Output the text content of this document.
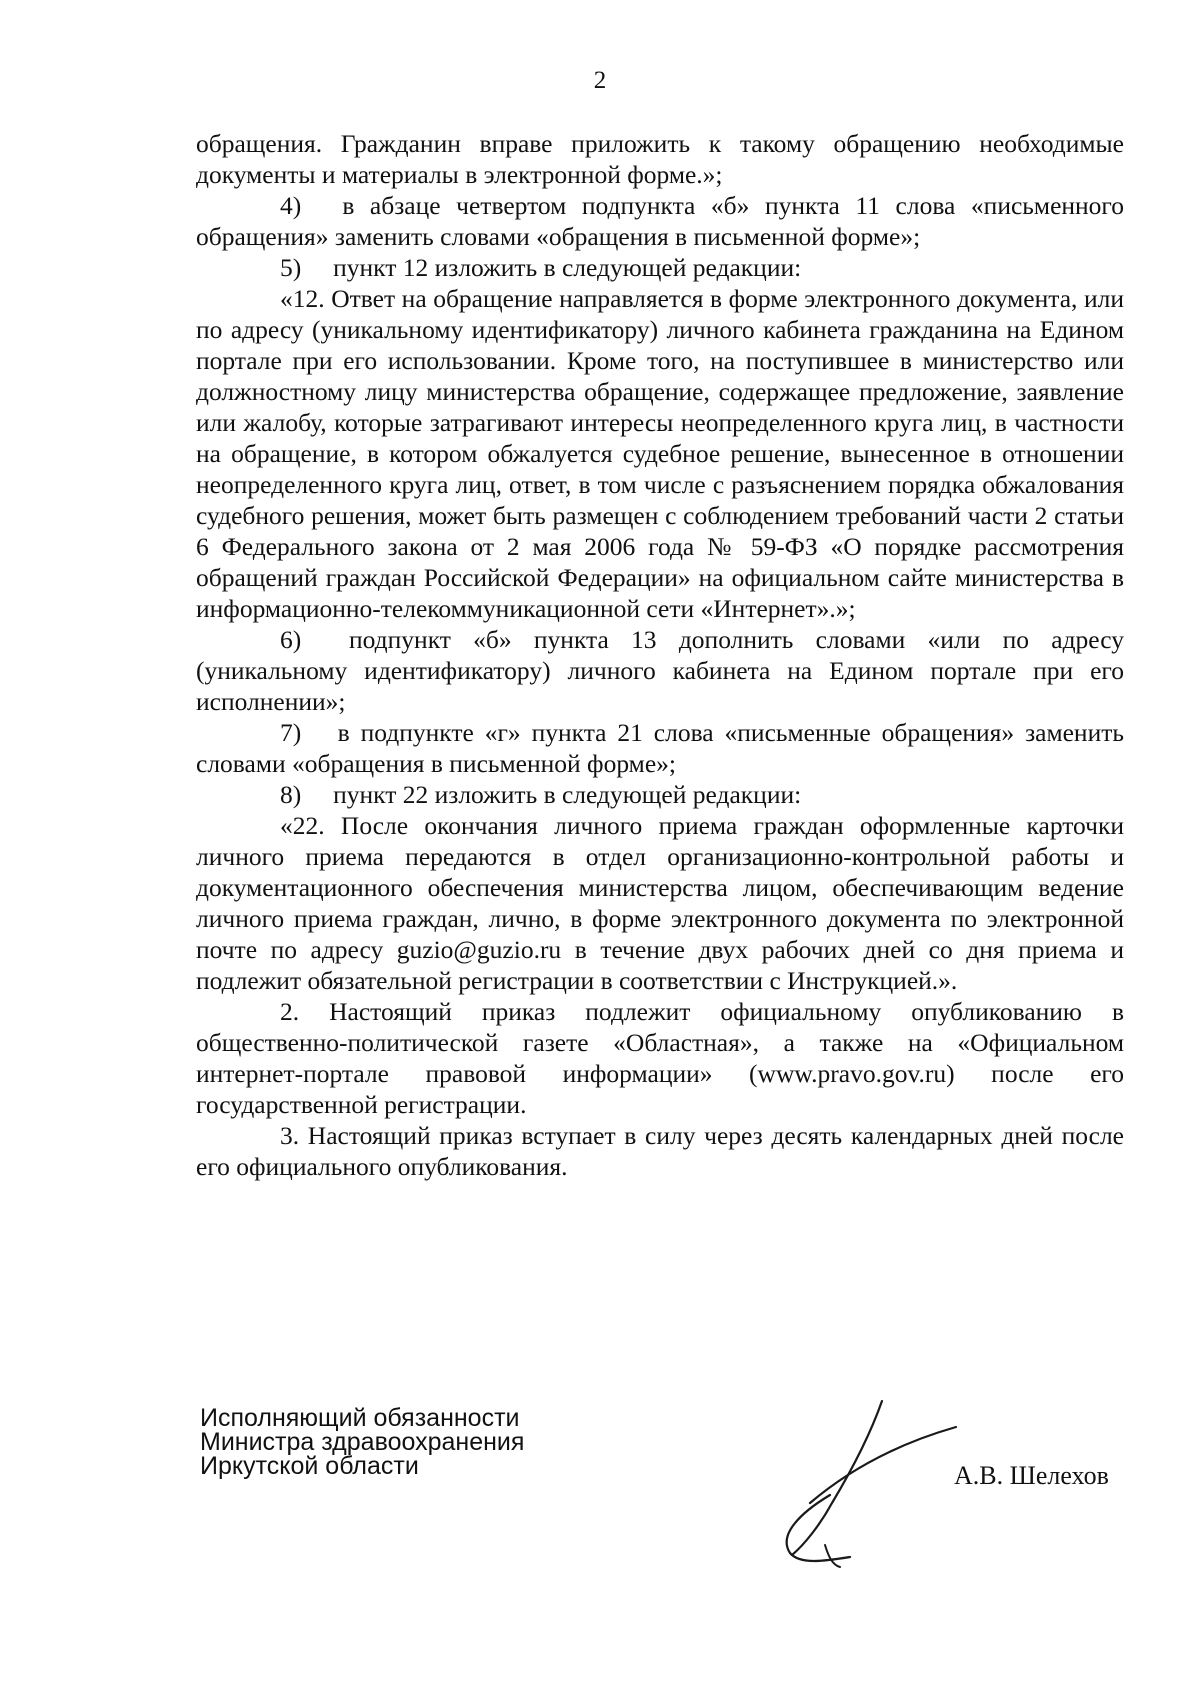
2

обращения. Гражданин вправе приложить к такому обращению необходимые документы и материалы в электронной форме.»;

4)  в абзаце четвертом подпункта «б» пункта 11 слова «письменного обращения» заменить словами «обращения в письменной форме»;

5)  пункт 12 изложить в следующей редакции:

«12. Ответ на обращение направляется в форме электронного документа, или по адресу (уникальному идентификатору) личного кабинета гражданина на Едином портале при его использовании. Кроме того, на поступившее в министерство или должностному лицу министерства обращение, содержащее предложение, заявление или жалобу, которые затрагивают интересы неопределенного круга лиц, в частности на обращение, в котором обжалуется судебное решение, вынесенное в отношении неопределенного круга лиц, ответ, в том числе с разъяснением порядка обжалования судебного решения, может быть размещен с соблюдением требований части 2 статьи 6 Федерального закона от 2 мая 2006 года № 59-ФЗ «О порядке рассмотрения обращений граждан Российской Федерации» на официальном сайте министерства в информационно-телекоммуникационной сети «Интернет».»;

6)  подпункт «б» пункта 13 дополнить словами «или по адресу (уникальному идентификатору) личного кабинета на Едином портале при его исполнении»;

7)  в подпункте «г» пункта 21 слова «письменные обращения» заменить словами «обращения в письменной форме»;

8)  пункт 22 изложить в следующей редакции:

«22. После окончания личного приема граждан оформленные карточки личного приема передаются в отдел организационно-контрольной работы и документационного обеспечения министерства лицом, обеспечивающим ведение личного приема граждан, лично, в форме электронного документа по электронной почте по адресу guzio@guzio.ru в течение двух рабочих дней со дня приема и подлежит обязательной регистрации в соответствии с Инструкцией.».

2. Настоящий приказ подлежит официальному опубликованию в общественно-политической газете «Областная», а также на «Официальном интернет-портале правовой информации» (www.pravo.gov.ru) после его государственной регистрации.

3. Настоящий приказ вступает в силу через десять календарных дней после его официального опубликования.

Исполняющий обязанности
Министра здравоохранения
Иркутской области	А.В. Шелехов
